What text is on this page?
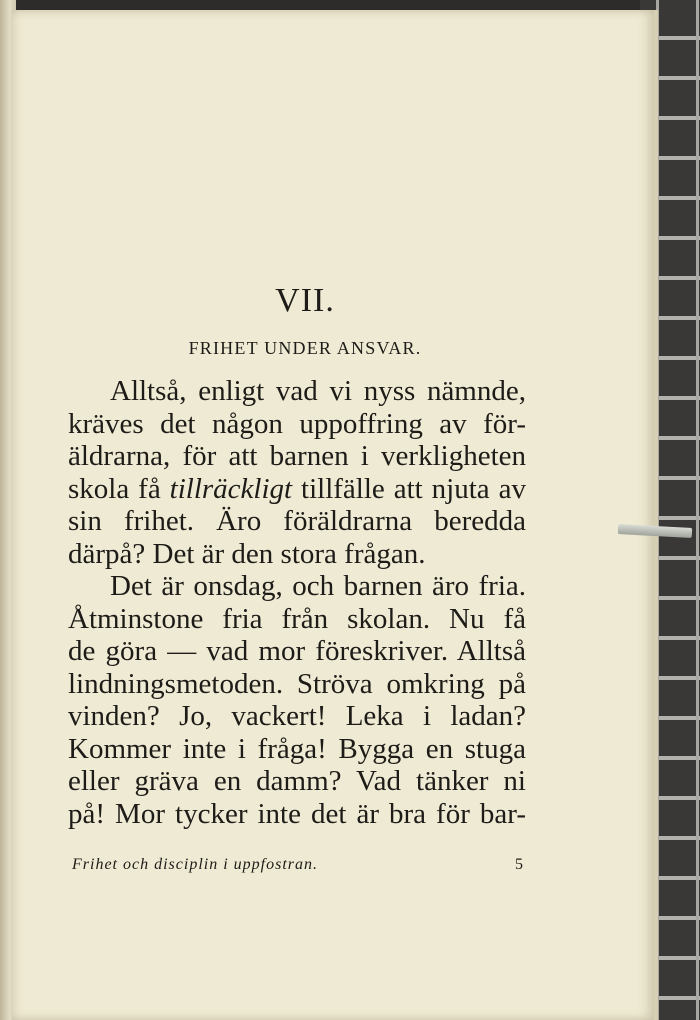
VII.
FRIHET UNDER ANSVAR.
Alltså, enligt vad vi nyss nämnde,
kräves det någon uppoffring av för-
äldrarna, för att barnen i verkligheten
skola få tillräckligt tillfälle att njuta av
sin frihet. Äro föräldrarna beredda
därpå? Det är den stora frågan.
Det är onsdag, och barnen äro fria.
Åtminstone fria från skolan. Nu få
de göra — vad mor föreskriver. Alltså
lindningsmetoden. Ströva omkring på
vinden? Jo, vackert! Leka i ladan?
Kommer inte i fråga! Bygga en stuga
eller gräva en damm? Vad tänker ni
på! Mor tycker inte det är bra för bar-
Frihet och disciplin i uppfostran.	5
